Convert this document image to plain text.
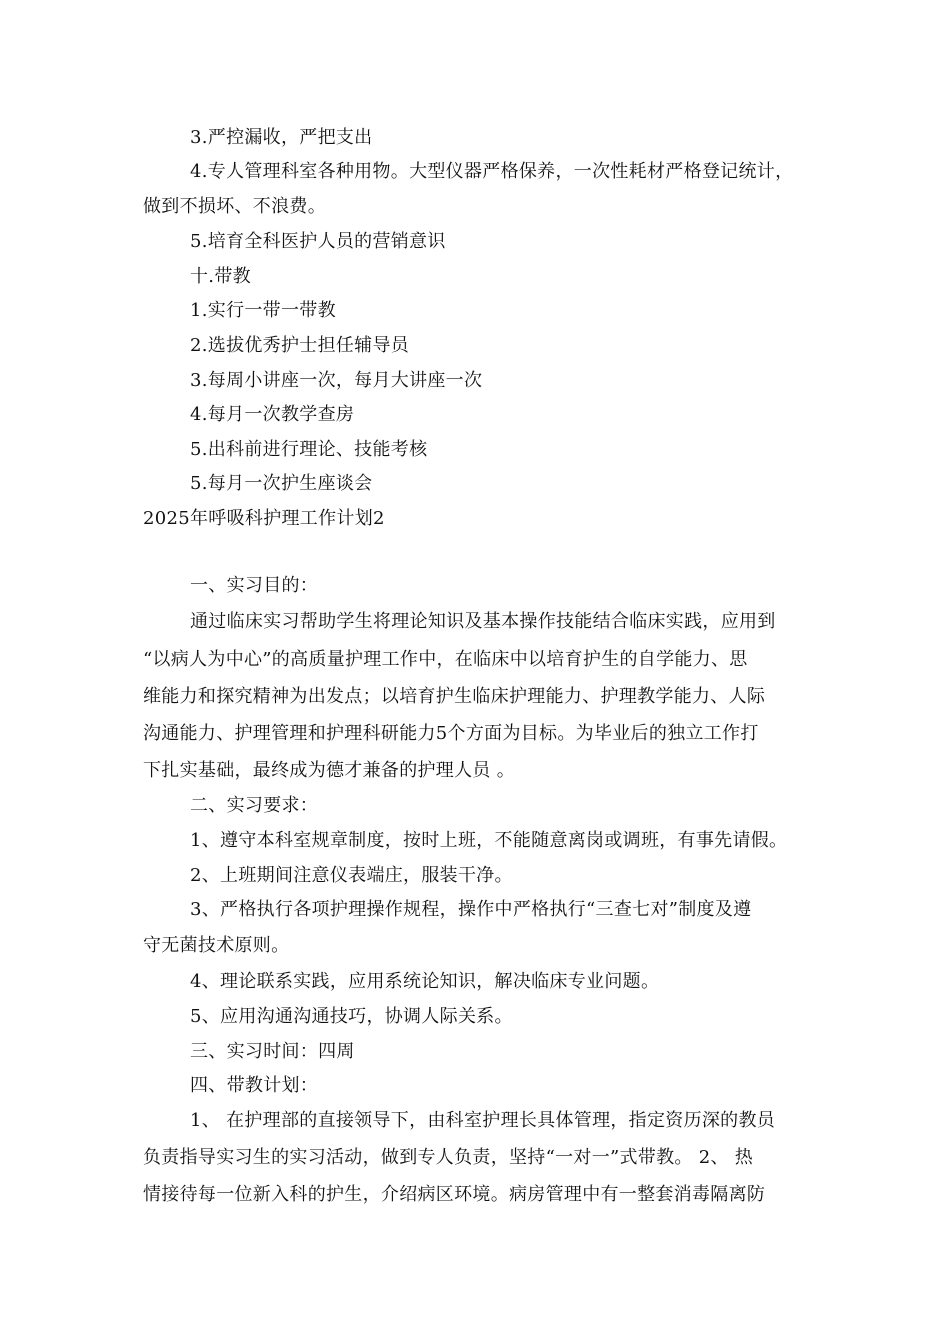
3.严控漏收，严把支出
4.专人管理科室各种用物。大型仪器严格保养，一次性耗材严格登记统计，
做到不损坏、不浪费。
5.培育全科医护人员的营销意识
十.带教
1.实行一带一带教
2.选拔优秀护士担任辅导员
3.每周小讲座一次，每月大讲座一次
4.每月一次教学查房
5.出科前进行理论、技能考核
5.每月一次护生座谈会
2025年呼吸科护理工作计划2
一、实习目的：
通过临床实习帮助学生将理论知识及基本操作技能结合临床实践，应用到
“以病人为中心”的高质量护理工作中，在临床中以培育护生的自学能力、思
维能力和探究精神为出发点；以培育护生临床护理能力、护理教学能力、人际
沟通能力、护理管理和护理科研能力5个方面为目标。为毕业后的独立工作打
下扎实基础，最终成为德才兼备的护理人员 。
二、实习要求：
1、遵守本科室规章制度，按时上班，不能随意离岗或调班，有事先请假。
2、上班期间注意仪表端庄，服装干净。
3、严格执行各项护理操作规程，操作中严格执行“三查七对”制度及遵
守无菌技术原则。
4、理论联系实践，应用系统论知识，解决临床专业问题。
5、应用沟通沟通技巧，协调人际关系。
三、实习时间：四周
四、带教计划：
1、 在护理部的直接领导下，由科室护理长具体管理，指定资历深的教员
负责指导实习生的实习活动，做到专人负责，坚持“一对一”式带教。 2、 热
情接待每一位新入科的护生，介绍病区环境。病房管理中有一整套消毒隔离防
